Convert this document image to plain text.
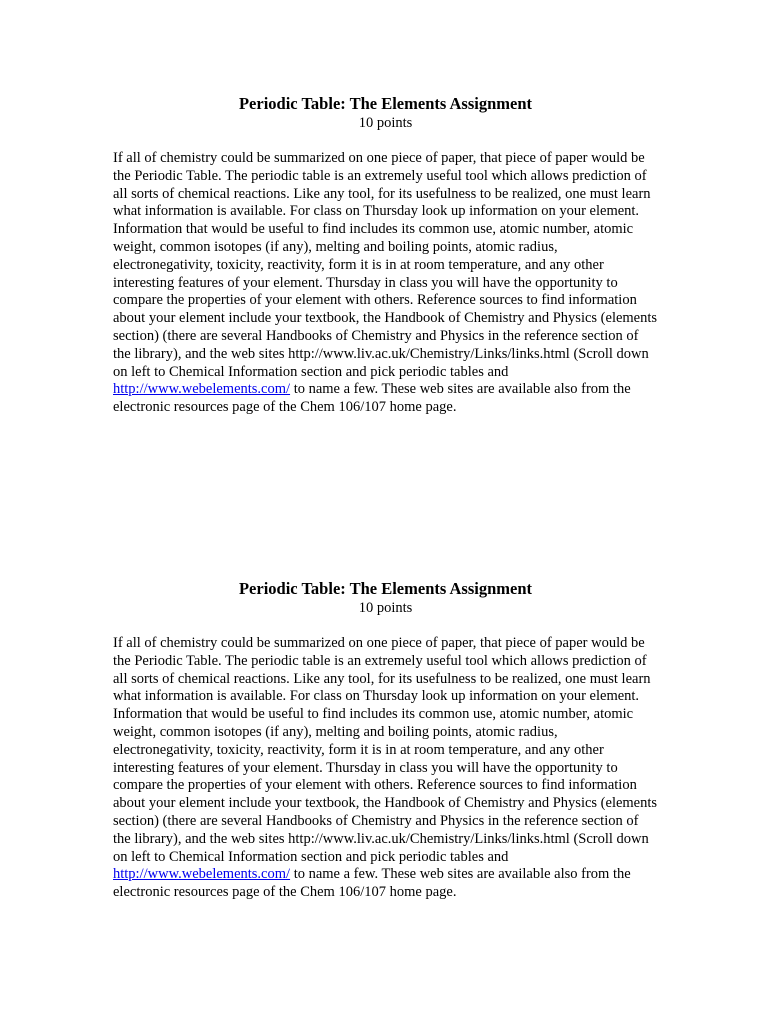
Periodic Table: The Elements Assignment

10 points

If all of chemistry could be summarized on one piece of paper, that piece of paper would be the Periodic Table. The periodic table is an extremely useful tool which allows prediction of all sorts of chemical reactions. Like any tool, for its usefulness to be realized, one must learn what information is available. For class on Thursday look up information on your element. Information that would be useful to find includes its common use, atomic number, atomic weight, common isotopes (if any), melting and boiling points, atomic radius, electronegativity, toxicity, reactivity, form it is in at room temperature, and any other interesting features of your element. Thursday in class you will have the opportunity to compare the properties of your element with others. Reference sources to find information about your element include your textbook, the Handbook of Chemistry and Physics (elements section) (there are several Handbooks of Chemistry and Physics in the reference section of the library), and the web sites http://www.liv.ac.uk/Chemistry/Links/links.html (Scroll down on left to Chemical Information section and pick periodic tables and http://www.webelements.com/ to name a few. These web sites are available also from the electronic resources page of the Chem 106/107 home page.

Periodic Table: The Elements Assignment

10 points

If all of chemistry could be summarized on one piece of paper, that piece of paper would be the Periodic Table. The periodic table is an extremely useful tool which allows prediction of all sorts of chemical reactions. Like any tool, for its usefulness to be realized, one must learn what information is available. For class on Thursday look up information on your element. Information that would be useful to find includes its common use, atomic number, atomic weight, common isotopes (if any), melting and boiling points, atomic radius, electronegativity, toxicity, reactivity, form it is in at room temperature, and any other interesting features of your element. Thursday in class you will have the opportunity to compare the properties of your element with others. Reference sources to find information about your element include your textbook, the Handbook of Chemistry and Physics (elements section) (there are several Handbooks of Chemistry and Physics in the reference section of the library), and the web sites http://www.liv.ac.uk/Chemistry/Links/links.html (Scroll down on left to Chemical Information section and pick periodic tables and http://www.webelements.com/ to name a few. These web sites are available also from the electronic resources page of the Chem 106/107 home page.
